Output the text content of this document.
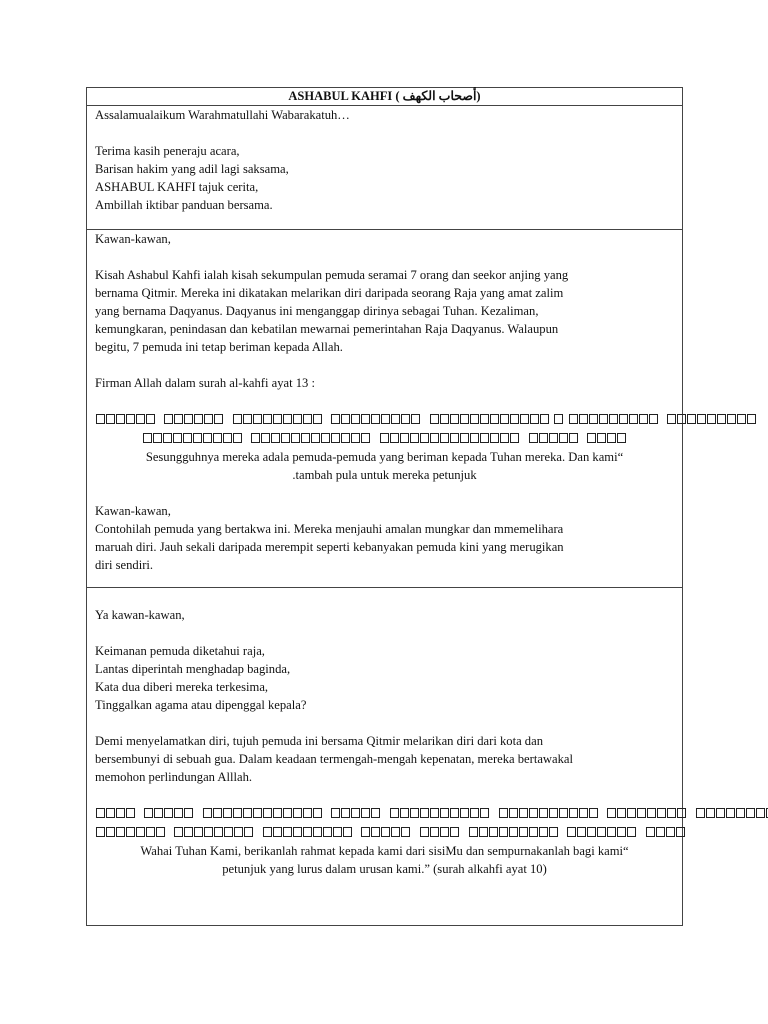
ASHABUL KAHFI ( أصحاب الكهف)
Assalamualaikum Warahmatullahi Wabarakatuh…
Terima kasih peneraju acara,
Barisan hakim yang adil lagi saksama,
ASHABUL KAHFI tajuk cerita,
Ambillah iktibar panduan bersama.
Kawan-kawan,
Kisah Ashabul Kahfi ialah kisah sekumpulan pemuda seramai 7 orang dan seekor anjing yang
bernama Qitmir. Mereka ini dikatakan melarikan diri daripada seorang Raja yang amat zalim
yang bernama Daqyanus. Daqyanus ini menganggap dirinya sebagai Tuhan. Kezaliman,
kemungkaran, penindasan dan kebatilan mewarnai pemerintahan Raja Daqyanus. Walaupun
begitu, 7 pemuda ini tetap beriman kepada Allah.
Firman Allah dalam surah al-kahfi ayat 13 :

Sesungguhnya mereka adala pemuda-pemuda yang beriman kepada Tuhan mereka. Dan kami“
.tambah pula untuk mereka petunjuk
Kawan-kawan,
Contohilah pemuda yang bertakwa ini. Mereka menjauhi amalan mungkar dan mmemelihara
maruah diri. Jauh sekali daripada merempit seperti kebanyakan pemuda kini yang merugikan
diri sendiri.
Ya kawan-kawan,
Keimanan pemuda diketahui raja,
Lantas diperintah menghadap baginda,
Kata dua diberi mereka terkesima,
Tinggalkan agama atau dipenggal kepala?
Demi menyelamatkan diri, tujuh pemuda ini bersama Qitmir melarikan diri dari kota dan
bersembunyi di sebuah gua. Dalam keadaan termengah-mengah kepenatan, mereka bertawakal
memohon perlindungan Alllah.

Wahai Tuhan Kami, berikanlah rahmat kepada kami dari sisiMu dan sempurnakanlah bagi kami“
petunjuk yang lurus dalam urusan kami.” (surah alkahfi ayat 10)
